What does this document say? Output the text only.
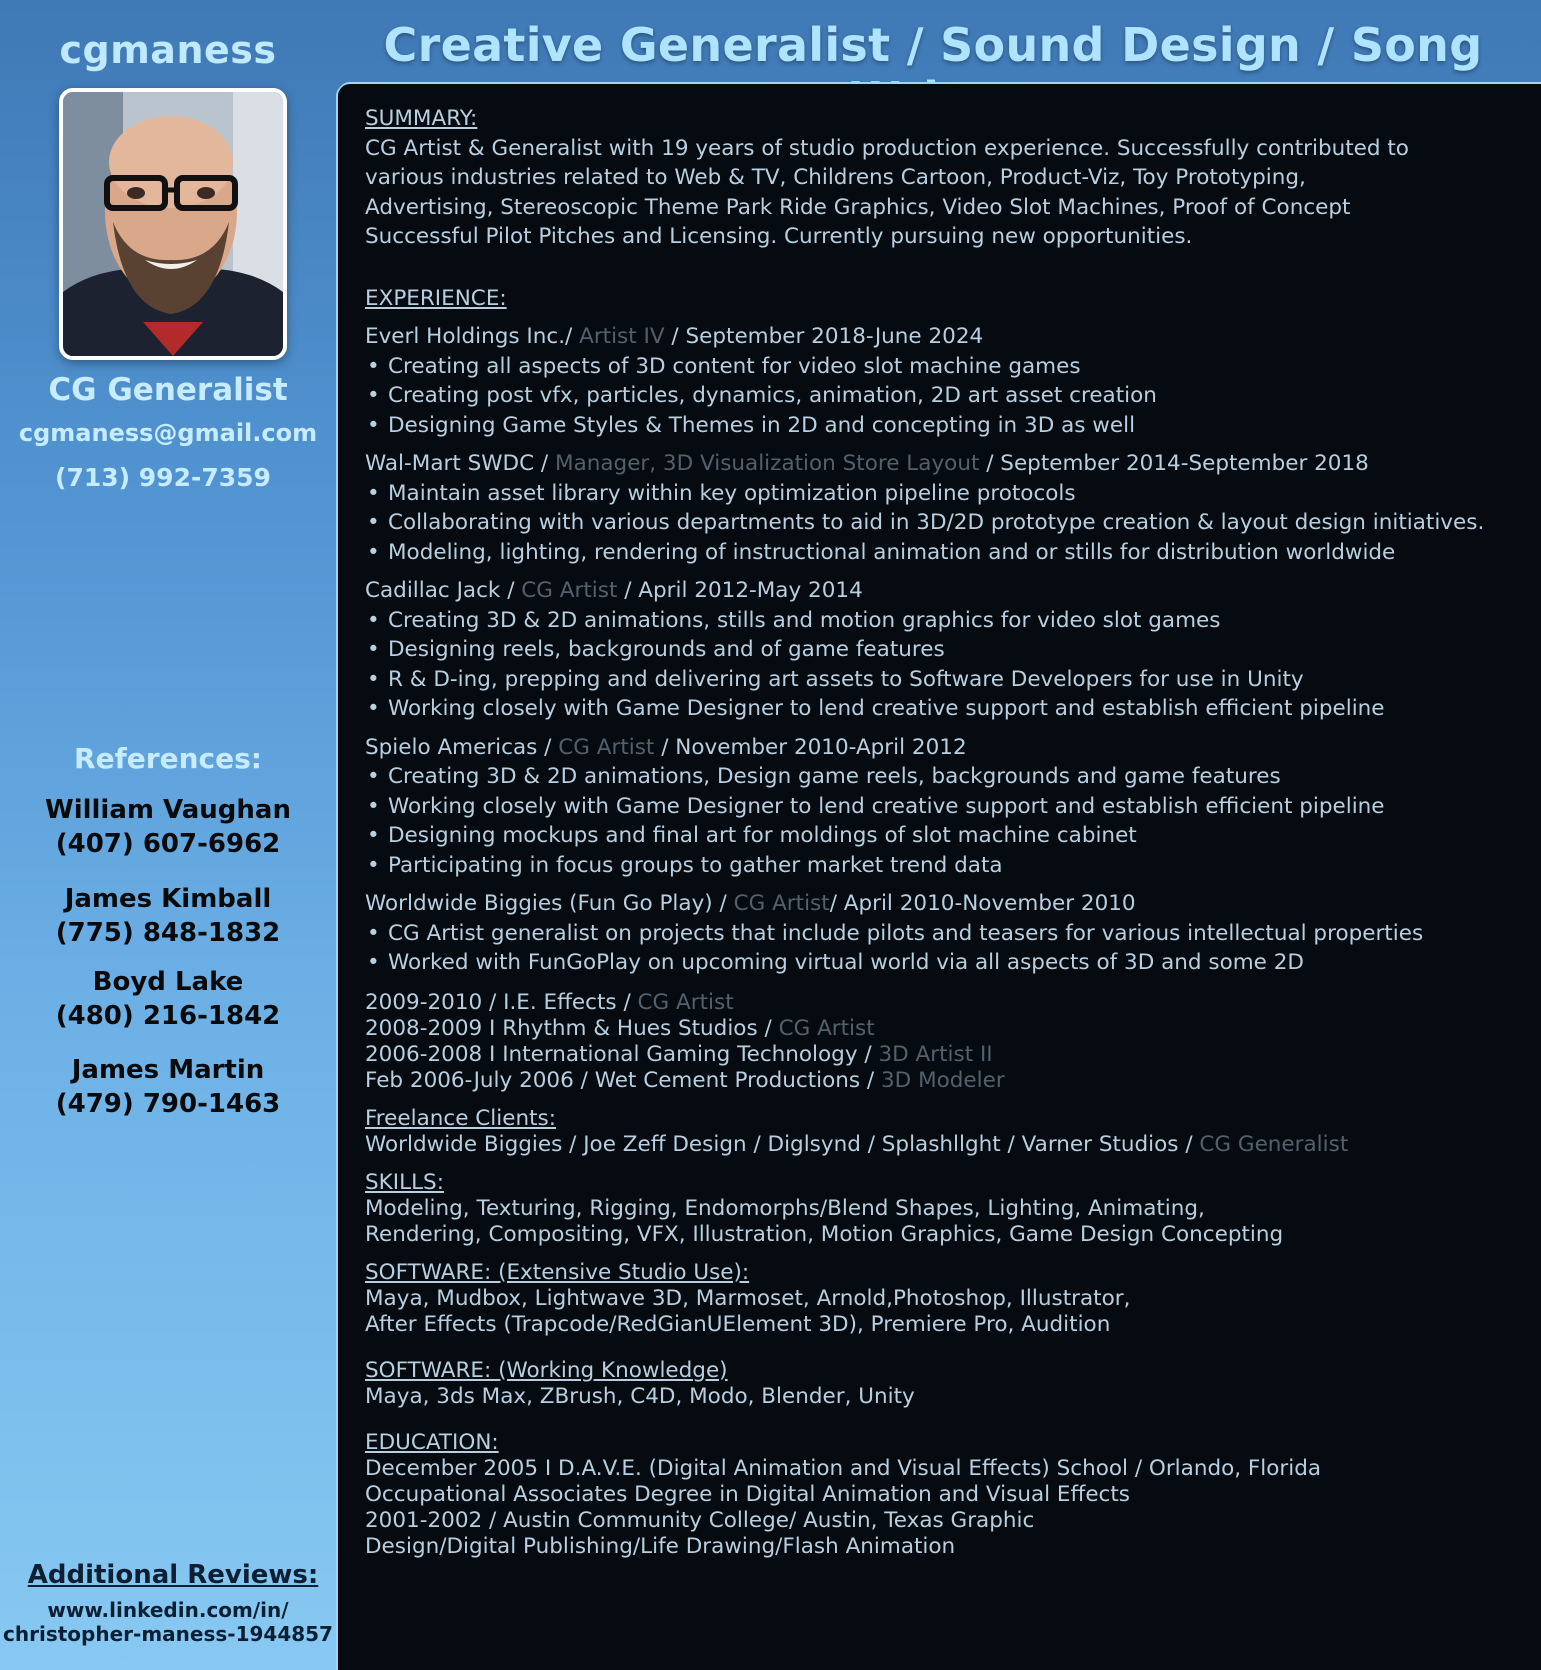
cgmaness
CG Generalist
cgmaness@gmail.com
(713) 992-7359
References:
William Vaughan
(407) 607-6962
James Kimball
(775) 848-1832
Boyd Lake
(480) 216-1842
James Martin
(479) 790-1463
Additional Reviews:
www.linkedin.com/in/
christopher-maness-1944857
Creative Generalist / Sound Design / Song
SUMMARY:

CG Artist & Generalist with 19 years of studio production experience. Successfully contributed to

various industries related to Web & TV, Childrens Cartoon, Product-Viz, Toy Prototyping,

Advertising, Stereoscopic Theme Park Ride Graphics, Video Slot Machines, Proof of Concept

Successful Pilot Pitches and Licensing. Currently pursuing new opportunities.

EXPERIENCE:
Everl Holdings Inc./ Artist IV / September 2018-June 2024
• Creating all aspects of 3D content for video slot machine games
• Creating post vfx, particles, dynamics, animation, 2D art asset creation
• Designing Game Styles & Themes in 2D and concepting in 3D as well
Wal-Mart SWDC / Manager, 3D Visualization Store Layout / September 2014-September 2018
• Maintain asset library within key optimization pipeline protocols
• Collaborating with various departments to aid in 3D/2D prototype creation & layout design initiatives.
• Modeling, lighting, rendering of instructional animation and or stills for distribution worldwide
Cadillac Jack / CG Artist / April 2012-May 2014
• Creating 3D & 2D animations, stills and motion graphics for video slot games
• Designing reels, backgrounds and of game features
• R & D-ing, prepping and delivering art assets to Software Developers for use in Unity
• Working closely with Game Designer to lend creative support and establish efficient pipeline
Spielo Americas / CG Artist / November 2010-April 2012
• Creating 3D & 2D animations, Design game reels, backgrounds and game features
• Working closely with Game Designer to lend creative support and establish efficient pipeline
• Designing mockups and final art for moldings of slot machine cabinet
• Participating in focus groups to gather market trend data
Worldwide Biggies (Fun Go Play) / CG Artist/ April 2010-November 2010
• CG Artist generalist on projects that include pilots and teasers for various intellectual properties
• Worked with FunGoPlay on upcoming virtual world via all aspects of 3D and some 2D

2009-2010 / I.E. Effects / CG Artist

2008-2009 I Rhythm & Hues Studios / CG Artist

2006-2008 I International Gaming Technology / 3D Artist II

Feb 2006-July 2006 / Wet Cement Productions / 3D Modeler

Freelance Clients:

Worldwide Biggies / Joe Zeff Design / Diglsynd / Splashllght / Varner Studios / CG Generalist

SKILLS:

Modeling, Texturing, Rigging, Endomorphs/Blend Shapes, Lighting, Animating,

Rendering, Compositing, VFX, Illustration, Motion Graphics, Game Design Concepting

SOFTWARE: (Extensive Studio Use):

Maya, Mudbox, Lightwave 3D, Marmoset, Arnold,Photoshop, Illustrator,

After Effects (Trapcode/RedGianUElement 3D), Premiere Pro, Audition

SOFTWARE: (Working Knowledge)

Maya, 3ds Max, ZBrush, C4D, Modo, Blender, Unity

EDUCATION:

December 2005 I D.A.V.E. (Digital Animation and Visual Effects) School / Orlando, Florida

Occupational Associates Degree in Digital Animation and Visual Effects

2001-2002 / Austin Community College/ Austin, Texas Graphic

Design/Digital Publishing/Life Drawing/Flash Animation
